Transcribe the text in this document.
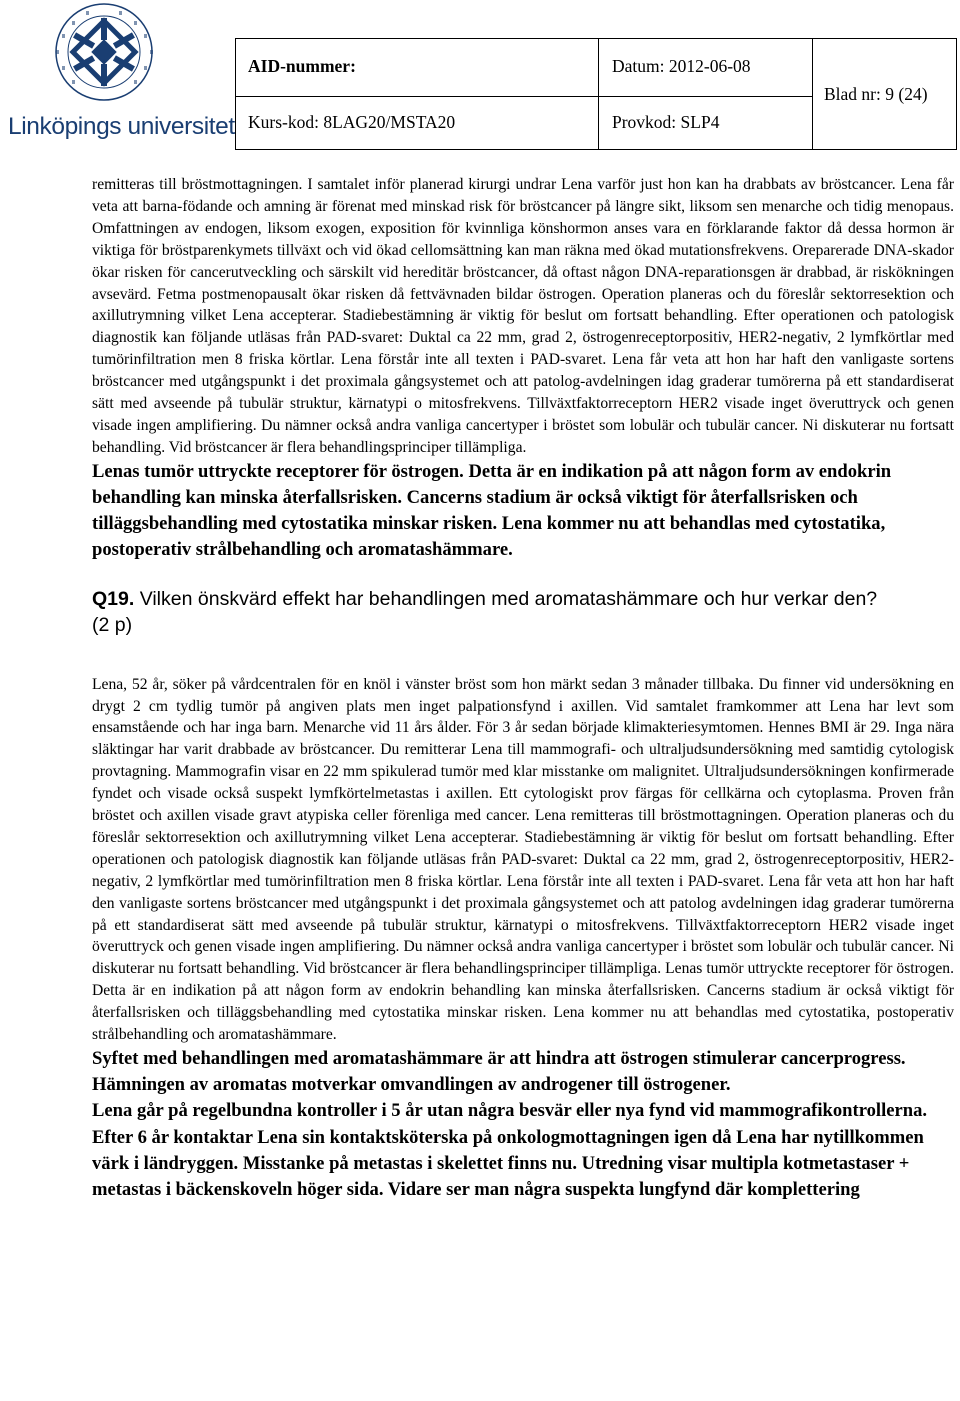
Linköpings universitet
AID-nummer:	Datum: 2012-06-08
Kurs-kod: 8LAG20/MSTA20	Provkod: SLP4
Blad nr: 9 (24)

remitteras till bröstmottagningen. I samtalet inför planerad kirurgi undrar Lena varför just hon kan ha drabbats av bröstcancer. Lena får veta att barna-födande och amning är förenat med minskad risk för bröstcancer på längre sikt, liksom sen menarche och tidig menopaus. Omfattningen av endogen, liksom exogen, exposition för kvinnliga könshormon anses vara en förklarande faktor då dessa hormon är viktiga för bröstparenkymets tillväxt och vid ökad cellomsättning kan man räkna med ökad mutationsfrekvens. Oreparerade DNA-skador ökar risken för cancerutveckling och särskilt vid hereditär bröstcancer, då oftast någon DNA-reparationsgen är drabbad, är riskökningen avsevärd. Fetma postmenopausalt ökar risken då fettvävnaden bildar östrogen. Operation planeras och du föreslår sektorresektion och axillutrymning vilket Lena accepterar. Stadiebestämning är viktig för beslut om fortsatt behandling. Efter operationen och patologisk diagnostik kan följande utläsas från PAD-svaret: Duktal ca 22 mm, grad 2, östrogenreceptorpositiv, HER2-negativ, 2 lymfkörtlar med tumörinfiltration men 8 friska körtlar. Lena förstår inte all texten i PAD-svaret. Lena får veta att hon har haft den vanligaste sortens bröstcancer med utgångspunkt i det proximala gångsystemet och att patolog-avdelningen idag graderar tumörerna på ett standardiserat sätt med avseende på tubulär struktur, kärnatypi o mitosfrekvens. Tillväxtfaktorreceptorn HER2 visade inget överuttryck och genen visade ingen amplifiering. Du nämner också andra vanliga cancertyper i bröstet som lobulär och tubulär cancer. Ni diskuterar nu fortsatt behandling. Vid bröstcancer är flera behandlingsprinciper tillämpliga.

Lenas tumör uttryckte receptorer för östrogen. Detta är en indikation på att någon form av endokrin behandling kan minska återfallsrisken. Cancerns stadium är också viktigt för återfallsrisken och tilläggsbehandling med cytostatika minskar risken. Lena kommer nu att behandlas med cytostatika, postoperativ strålbehandling och aromatashämmare.

Q19. Vilken önskvärd effekt har behandlingen med aromatashämmare och hur verkar den?
(2 p)

Lena, 52 år, söker på vårdcentralen för en knöl i vänster bröst som hon märkt sedan 3 månader tillbaka. Du finner vid undersökning en drygt 2 cm tydlig tumör på angiven plats men inget palpationsfynd i axillen. Vid samtalet framkommer att Lena har levt som ensamstående och har inga barn. Menarche vid 11 års ålder. För 3 år sedan började klimakteriesymtomen. Hennes BMI är 29. Inga nära släktingar har varit drabbade av bröstcancer. Du remitterar Lena till mammografi- och ultraljudsundersökning med samtidig cytologisk provtagning. Mammografin visar en 22 mm spikulerad tumör med klar misstanke om malignitet. Ultraljudsundersökningen konfirmerade fyndet och visade också suspekt lymfkörtelmetastas i axillen. Ett cytologiskt prov färgas för cellkärna och cytoplasma. Proven från bröstet och axillen visade gravt atypiska celler förenliga med cancer. Lena remitteras till bröstmottagningen. Operation planeras och du föreslår sektorresektion och axillutrymning vilket Lena accepterar. Stadiebestämning är viktig för beslut om fortsatt behandling. Efter operationen och patologisk diagnostik kan följande utläsas från PAD-svaret: Duktal ca 22 mm, grad 2, östrogenreceptorpositiv, HER2-negativ, 2 lymfkörtlar med tumörinfiltration men 8 friska körtlar. Lena förstår inte all texten i PAD-svaret. Lena får veta att hon har haft den vanligaste sortens bröstcancer med utgångspunkt i det proximala gångsystemet och att patolog avdelningen idag graderar tumörerna på ett standardiserat sätt med avseende på tubulär struktur, kärnatypi o mitosfrekvens. Tillväxtfaktorreceptorn HER2 visade inget överuttryck och genen visade ingen amplifiering. Du nämner också andra vanliga cancertyper i bröstet som lobulär och tubulär cancer. Ni diskuterar nu fortsatt behandling. Vid bröstcancer är flera behandlingsprinciper tillämpliga. Lenas tumör uttryckte receptorer för östrogen. Detta är en indikation på att någon form av endokrin behandling kan minska återfallsrisken. Cancerns stadium är också viktigt för återfallsrisken och tilläggsbehandling med cytostatika minskar risken. Lena kommer nu att behandlas med cytostatika, postoperativ strålbehandling och aromatashämmare.

Syftet med behandlingen med aromatashämmare är att hindra att östrogen stimulerar cancerprogress. Hämningen av aromatas motverkar omvandlingen av androgener till östrogener.

Lena går på regelbundna kontroller i 5 år utan några besvär eller nya fynd vid mammografikontrollerna. Efter 6 år kontaktar Lena sin kontaktsköterska på onkologmottagningen igen då Lena har nytillkommen värk i ländryggen. Misstanke på metastas i skelettet finns nu. Utredning visar multipla kotmetastaser + metastas i bäckenskoveln höger sida. Vidare ser man några suspekta lungfynd där komplettering
